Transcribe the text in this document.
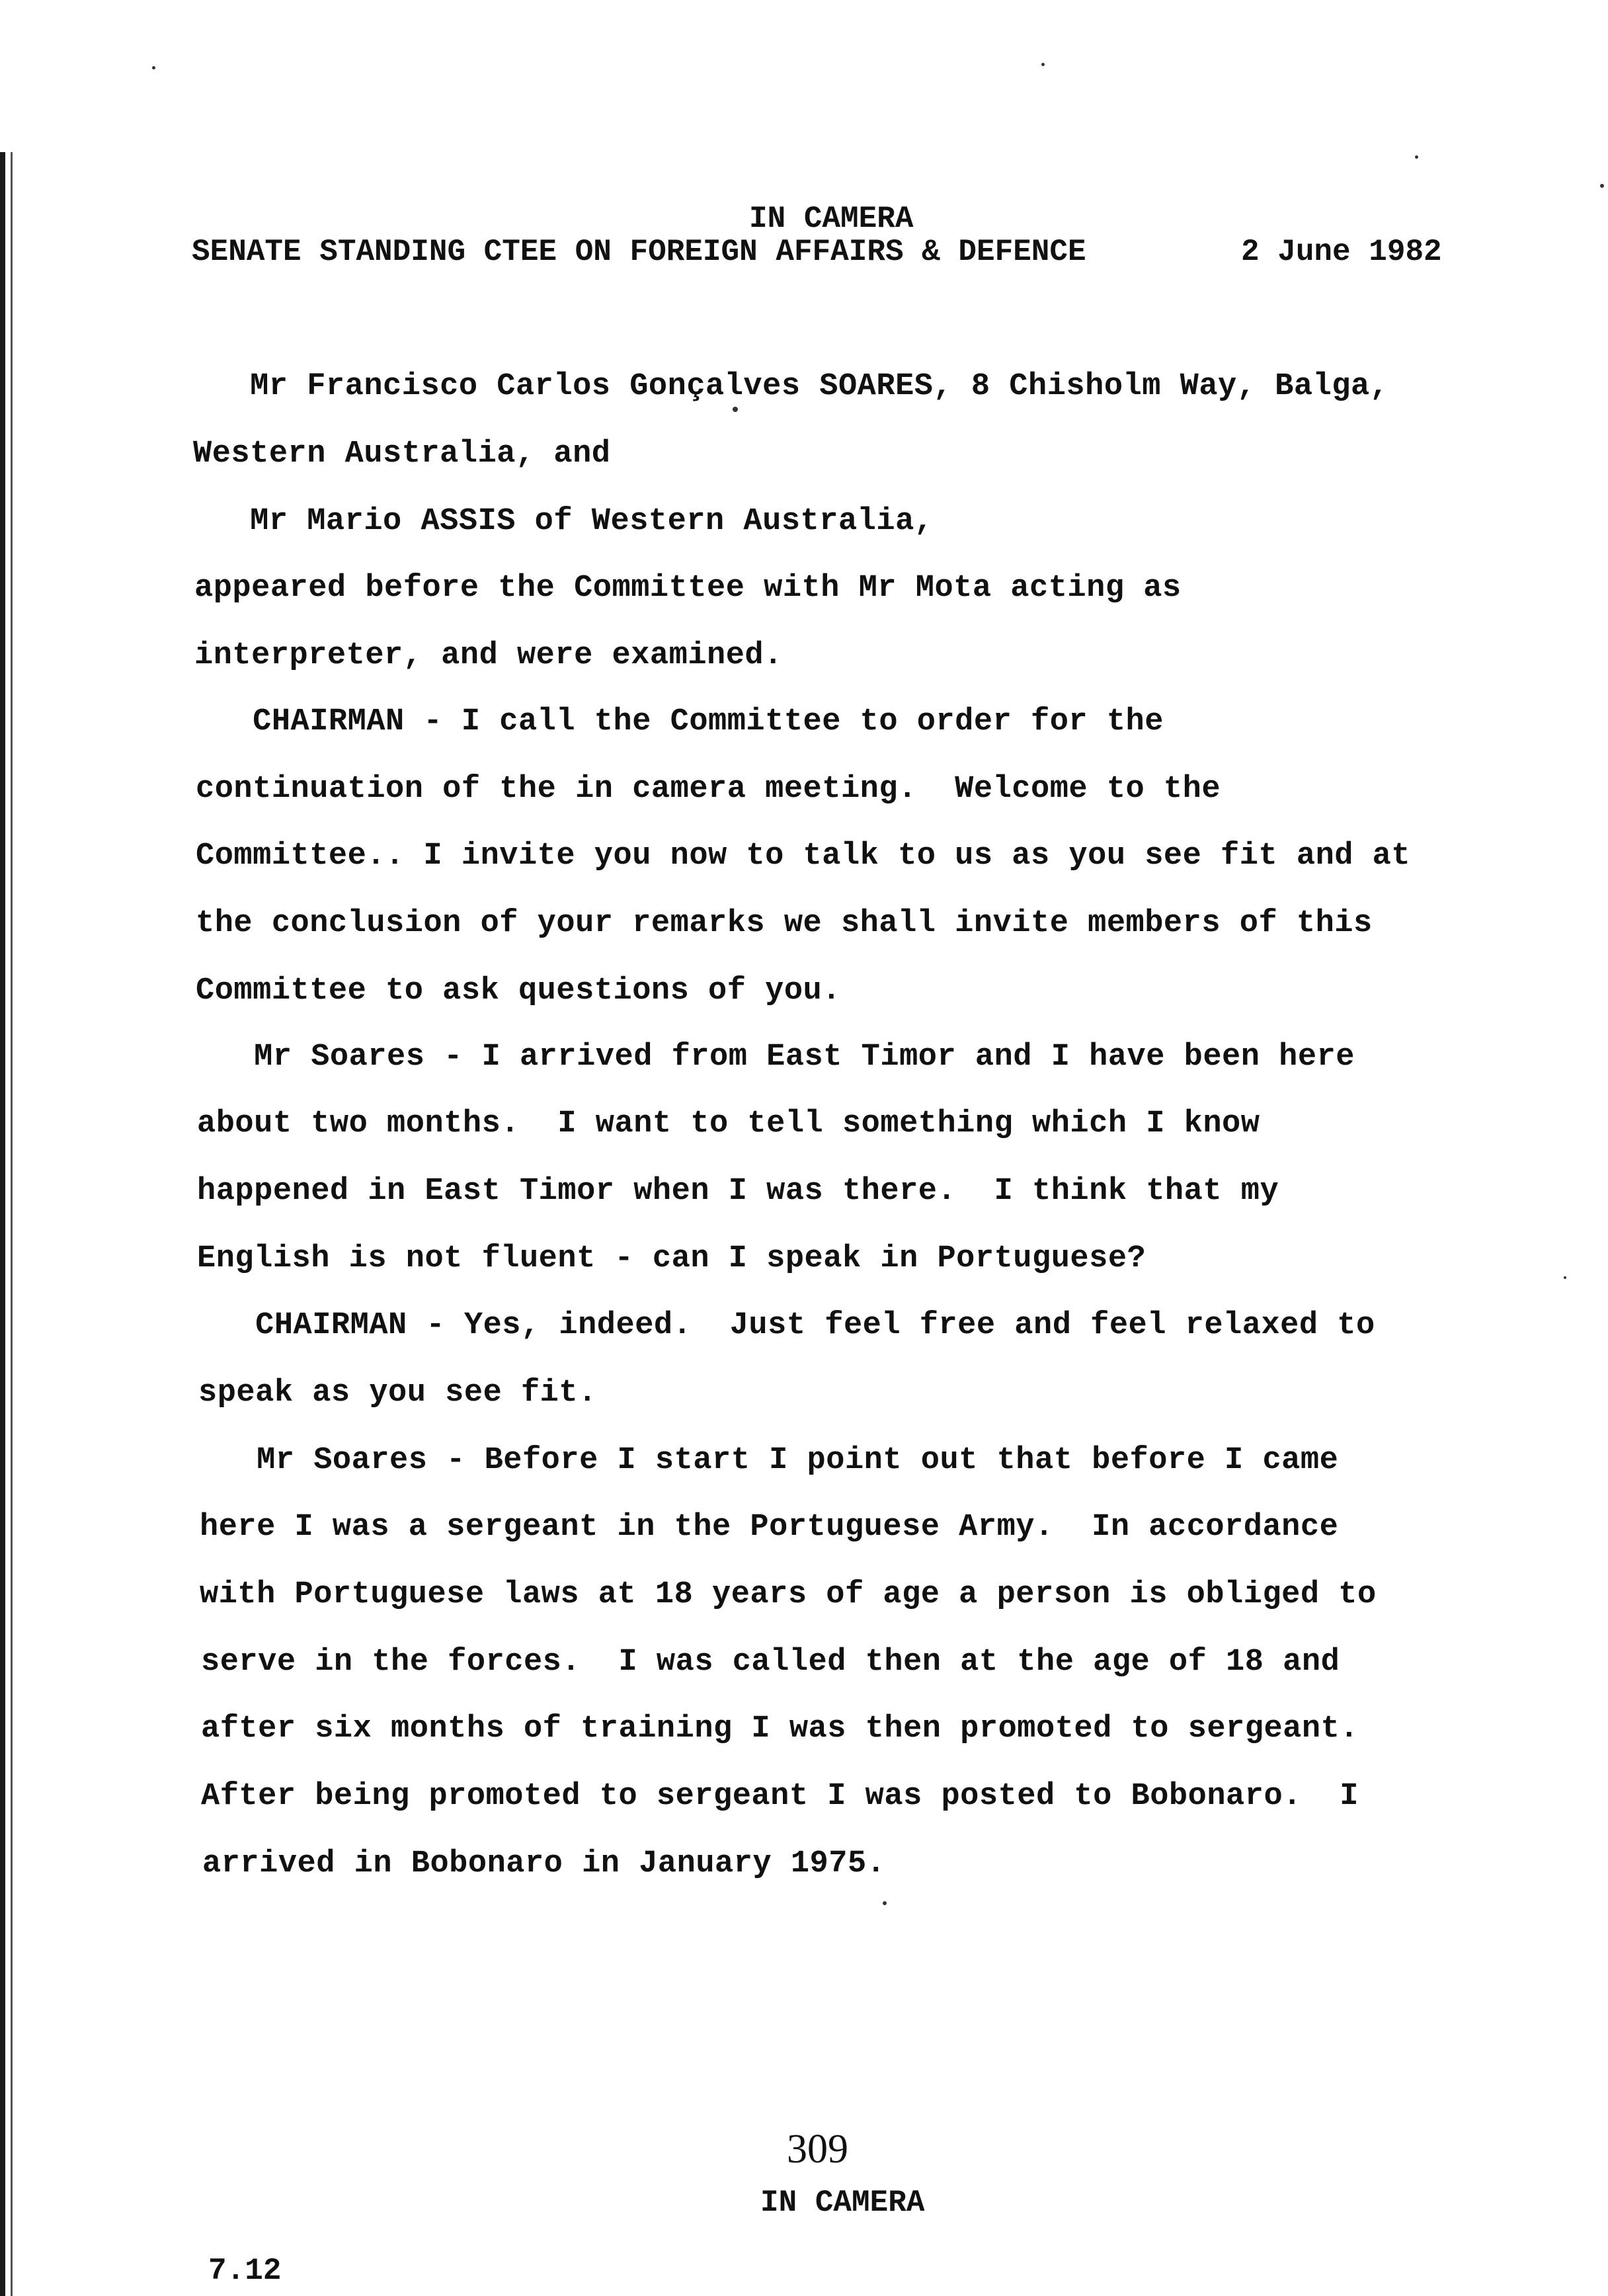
IN CAMERA
SENATE STANDING CTEE ON FOREIGN AFFAIRS & DEFENCE	2 June 1982
Mr Francisco Carlos Gonçalves SOARES, 8 Chisholm Way, Balga,
Western Australia, and
Mr Mario ASSIS of Western Australia,
appeared before the Committee with Mr Mota acting as
interpreter, and were examined.
CHAIRMAN - I call the Committee to order for the
continuation of the in camera meeting.  Welcome to the
Committee.. I invite you now to talk to us as you see fit and at
the conclusion of your remarks we shall invite members of this
Committee to ask questions of you.
Mr Soares - I arrived from East Timor and I have been here
about two months.  I want to tell something which I know
happened in East Timor when I was there.  I think that my
English is not fluent - can I speak in Portuguese?
CHAIRMAN - Yes, indeed.  Just feel free and feel relaxed to
speak as you see fit.
Mr Soares - Before I start I point out that before I came
here I was a sergeant in the Portuguese Army.  In accordance
with Portuguese laws at 18 years of age a person is obliged to
serve in the forces.  I was called then at the age of 18 and
after six months of training I was then promoted to sergeant.
After being promoted to sergeant I was posted to Bobonaro.  I
arrived in Bobonaro in January 1975.
309
IN CAMERA
7.12
